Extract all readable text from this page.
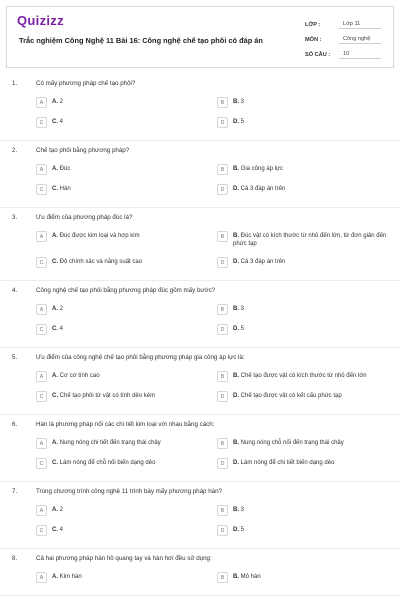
Quizizz
Trắc nghiệm Công Nghệ 11 Bài 16: Công nghệ chế tạo phôi có đáp án
LỚP :	Lớp 11
MÔN :	Công nghệ
SỐ CÂU :	10
1.	Có mấy phương pháp chế tạo phôi?
A	A. 2	B	B. 3
C	C. 4	D	D. 5
2.	Chế tạo phôi bằng phương pháp?
A	A. Đúc	B	B. Gia công áp lực
C	C. Hàn	D	D. Cả 3 đáp án trên
3.	Ưu điểm của phương pháp đúc là?
A	A. Đúc được kim loại và hợp kim	B	B. Đúc vật có kích thước từ nhỏ đến lớn, từ đơn giản đến phức tạp
C	C. Độ chính xác và năng suất cao	D	D. Cả 3 đáp án trên
4.	Công nghệ chế tạo phôi bằng phương pháp đúc gồm mấy bước?
A	A. 2	B	B. 3
C	C. 4	D	D. 5
5.	Ưu điểm của công nghệ chế tạo phôi bằng phương pháp gia công áp lực là:
A	A. Cơ cơ tính cao	B	B. Chế tạo được vật có kích thước từ nhỏ đến lớn
C	C. Chế tạo phôi từ vật có tính dẻo kém	D	D. Chế tạo được vật có kết cấu phức tạp
6.	Hàn là phương pháp nối các chi tiết kim loại với nhau bằng cách:
A	A. Nung nóng chi tiết đến trạng thái chảy	B	B. Nung nóng chỗ nối đến trạng thái chảy
C	C. Làm nóng để chỗ nối biến dạng dẻo	D	D. Làm nóng để chi tiết biến dạng dẻo
7.	Trong chương trình công nghệ 11 trình bày mấy phương pháp hàn?
A	A. 2	B	B. 3
C	C. 4	D	D. 5
8.	Cả hai phương pháp hàn hồ quang tay và hàn hơi đều sử dụng:
A	A. Kim hàn	B	B. Mỏ hàn
